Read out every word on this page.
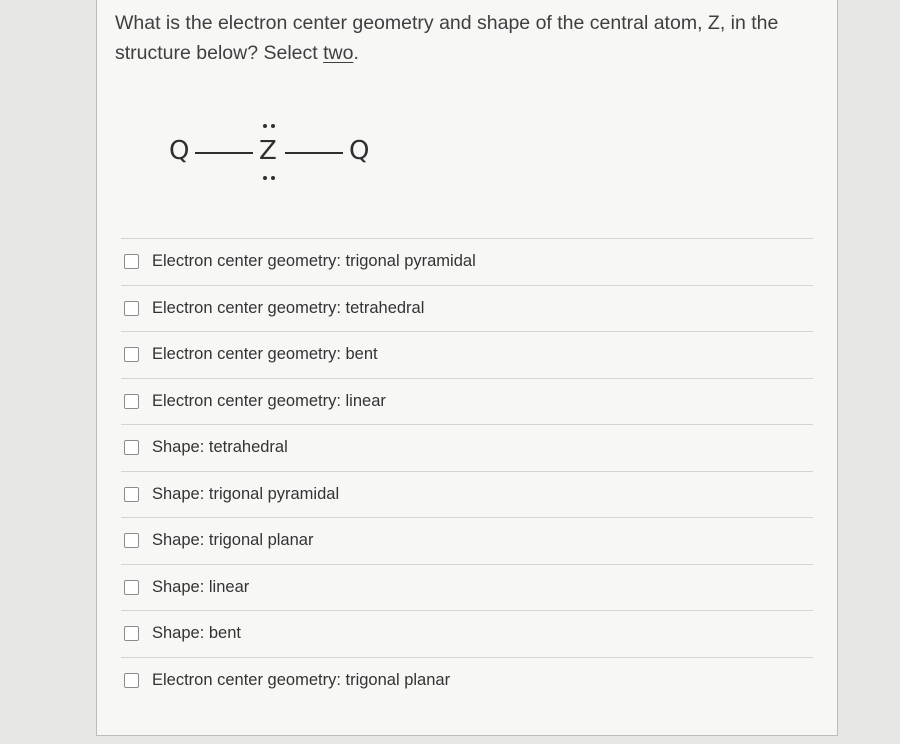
What is the electron center geometry and shape of the central atom, Z, in the structure below? Select two.
Q	Z	Q
Electron center geometry: trigonal pyramidal
Electron center geometry: tetrahedral
Electron center geometry: bent
Electron center geometry: linear
Shape: tetrahedral
Shape: trigonal pyramidal
Shape: trigonal planar
Shape: linear
Shape: bent
Electron center geometry: trigonal planar
